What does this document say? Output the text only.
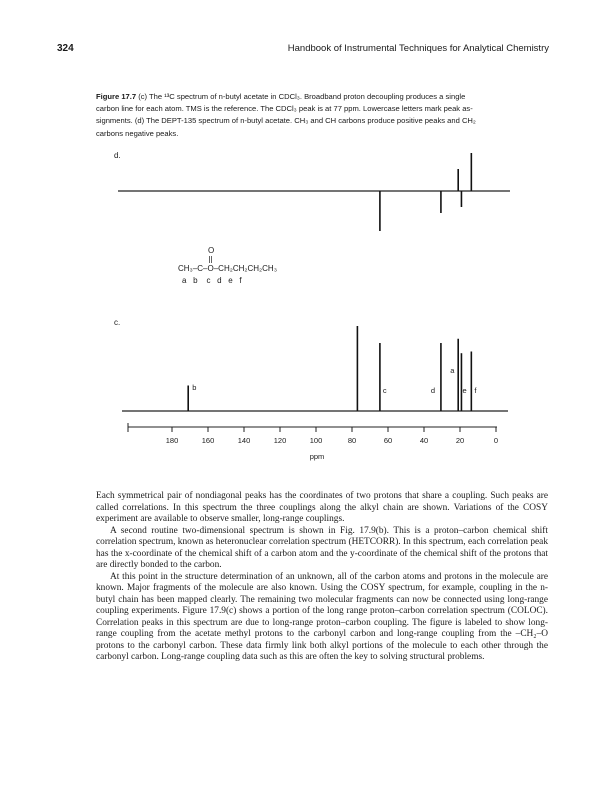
324	Handbook of Instrumental Techniques for Analytical Chemistry

Figure 17.7 (c) The ¹³C spectrum of n-butyl acetate in CDCl₃. Broadband proton decoupling produces a single

carbon line for each atom. TMS is the reference. The CDCl₃ peak is at 77 ppm. Lowercase letters mark peak as-

signments. (d) The DEPT-135 spectrum of n-butyl acetate. CH₃ and CH carbons produce positive peaks and CH₂

carbons negative peaks.

d.
O
CH₃–C–O–CH₂CH₂CH₂CH₃
a   b    c   d   e   f
c.
b	c	d
a
e f
180	160	140	120	100	80	60	40	20	0
ppm

Each symmetrical pair of nondiagonal peaks has the coordinates of two protons that share a coupling. Such peaks are called correlations. In this spectrum the three couplings along the alkyl chain are shown. Variations of the COSY experiment are available to observe smaller, long-range couplings.

A second routine two-dimensional spectrum is shown in Fig. 17.9(b). This is a proton–carbon chemical shift correlation spectrum, known as heteronuclear correlation spectrum (HETCORR). In this spectrum, each correlation peak has the x-coordinate of the chemical shift of a carbon atom and the y-coordinate of the chemical shift of the protons that are directly bonded to the carbon.

At this point in the structure determination of an unknown, all of the carbon atoms and protons in the molecule are known. Major fragments of the molecule are also known. Using the COSY spectrum, for example, coupling in the n-butyl chain has been mapped clearly. The remaining two molecular fragments can now be connected using long-range coupling experiments. Figure 17.9(c) shows a portion of the long range proton–carbon correlation spectrum (COLOC). Correlation peaks in this spectrum are due to long-range proton–carbon coupling. The figure is labeled to show long-range coupling from the acetate methyl protons to the carbonyl carbon and long-range coupling from the –CH₂–O protons to the carbonyl carbon. These data firmly link both alkyl portions of the molecule to each other through the carbonyl carbon. Long-range coupling data such as this are often the key to solving structural problems.
